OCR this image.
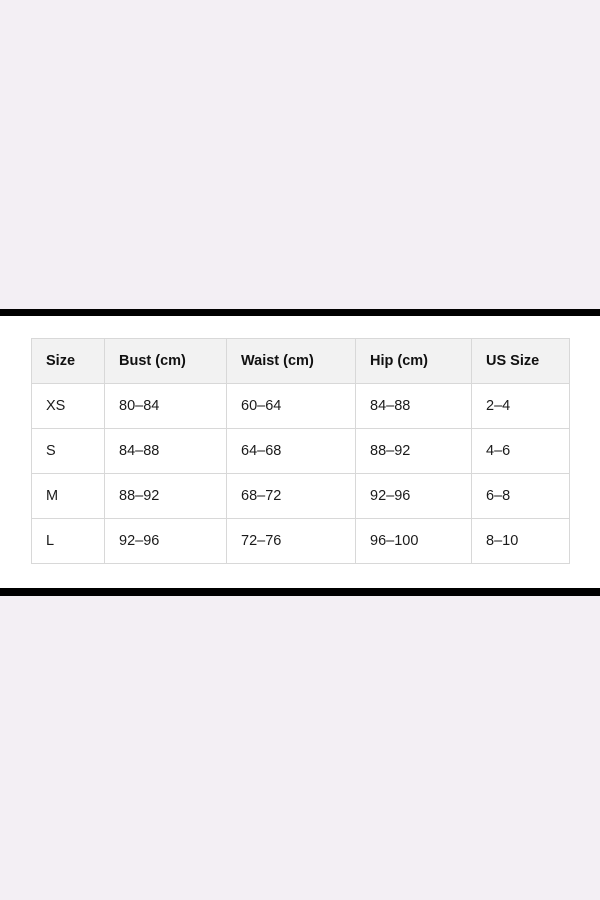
Size	Bust (cm)	Waist (cm)	Hip (cm)	US Size
XS	80–84	60–64	84–88	2–4
S	84–88	64–68	88–92	4–6
M	88–92	68–72	92–96	6–8
L	92–96	72–76	96–100	8–10
